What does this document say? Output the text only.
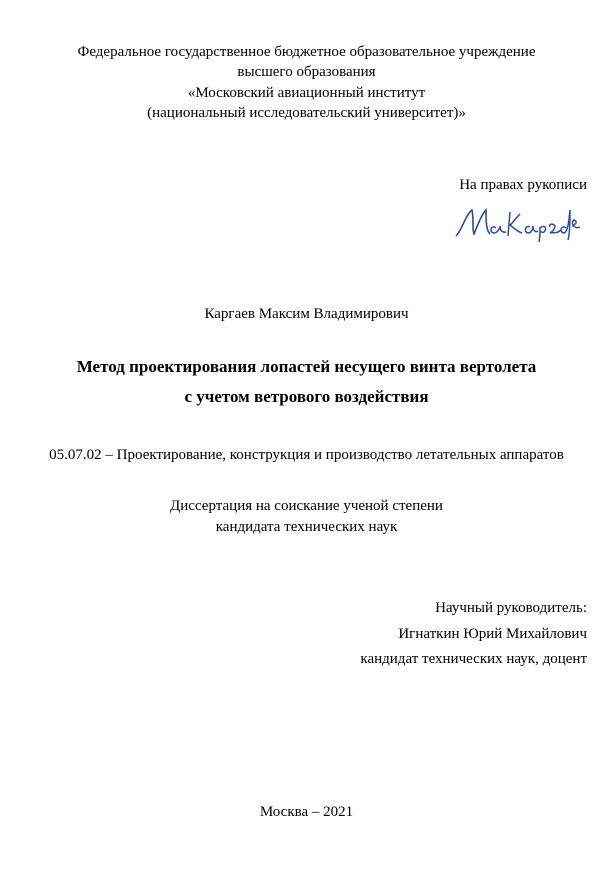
Федеральное государственное бюджетное образовательное учреждение
высшего образования
«Московский авиационный институт
(национальный исследовательский университет)»
На правах рукописи
Каргаев Максим Владимирович
Метод проектирования лопастей несущего винта вертолета
с учетом ветрового воздействия
05.07.02 – Проектирование, конструкция и производство летательных аппаратов
Диссертация на соискание ученой степени
кандидата технических наук
Научный руководитель:
Игнаткин Юрий Михайлович
кандидат технических наук, доцент
Москва – 2021
